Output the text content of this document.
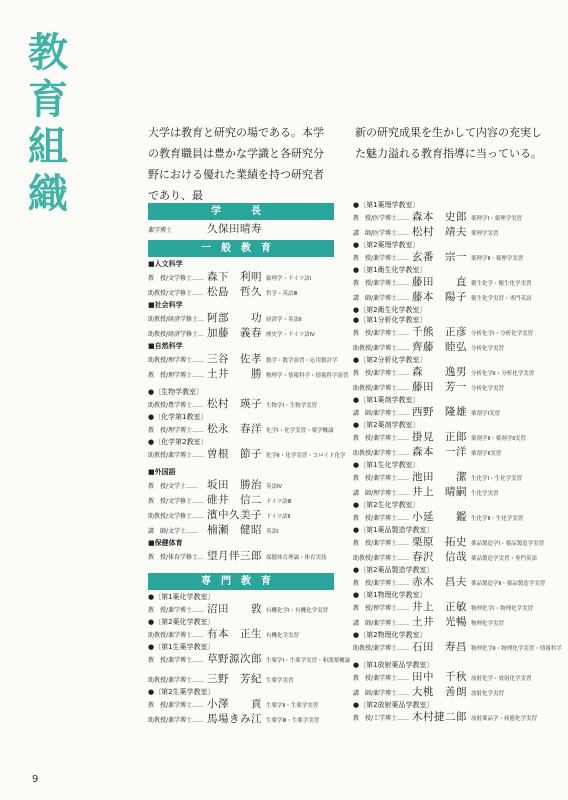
教
育
組
織
大学は教育と研究の場である。本学の教育職員は豊かな学識と各研究分野における優れた業績を持つ研究者であり、最
新の研究成果を生かして内容の充実した魅力溢れる教育指導に当っている。
学　長
薬学博士	久保田晴寿
一般教育
■人文科学
教　授/文学修士…… 森下　利明 倫理学・ドイツ語Ⅰ
助教授/文学修士…… 松島　哲久 哲学・英語Ⅲ
■社会科学
助教授/経済学修士… 阿部　　功 経済学・英語Ⅱ
助教授/経済学修士… 加藤　義春 歴史学・ドイツ語Ⅳ
■自然科学
助教授/理学博士…… 三谷　佐孝 数学・数学演習・応用数計学
教　授/理学博士…… 土井　　勝 物理学・情報科学・情報科学演習
●〔生物学教室〕
助教授/農学博士…… 松村　瑛子 生物学Ⅰ・生物学実習
●〔化学第1教室〕
教　授/理学博士…… 松永　春洋 化学Ⅰ・化学実習・薬学概論
●〔化学第2教室〕
助教授/薬学博士…… 曽根　節子 化学Ⅱ・化学実習・コロイド化学
■外国語
教　授/文学士…… 坂田　勝治 英語Ⅳ
教　授/文学修士…… 碓井　信二 ドイツ語Ⅲ
助教授/文学修士…… 濱中久美子 ドイツ語Ⅱ
講　師/文学士…… 楠瀬　健昭 英語Ⅰ
■保健体育
教　授/体育学修士… 望月伴三郎 保健体育理論・体育実技
専門教育
●〔第1薬化学教室〕
教　授/薬学博士…… 沼田　　敦 有機化学Ⅰ・有機化学実習
●〔第2薬化学教室〕
助教授/薬学博士…… 有本　正生 有機化学実習
●〔第1生薬学教室〕
教　授/薬学博士…… 草野源次郎 生薬学Ⅰ・生薬学実習・和漢薬概論
助教授/薬学博士…… 三野　芳紀 生薬学実習
●〔第2生薬学教室〕
教　授/薬学博士…… 小澤　　貢 生薬学Ⅱ・生薬学実習
助教授/薬学博士…… 馬場きみ江 生薬学Ⅲ・生薬学実習
●〔第1薬理学教室〕
教　授/医学博士…… 森本　史郎 薬理学Ⅰ・薬理学実習
講　師/医学博士…… 松村　靖夫 薬理学実習
●〔第2薬理学教室〕
教　授/薬学博士…… 玄番　宗一 薬理学Ⅱ・薬理学実習
●〔第1衛生化学教室〕
教　授/薬学博士…… 藤田　　直 衛生化学・衛生化学実習
講　師/薬学博士…… 藤本　陽子 衛生化学実習・専門英語
●〔第2衛生化学教室〕
●〔第1分析化学教室〕
教　授/薬学博士…… 千熊　正彦 分析化学Ⅰ・分析化学実習
助教授/薬学博士…… 齊藤　睦弘 分析化学実習
●〔第2分析化学教室〕
教　授/薬学博士…… 森　　逸男 分析化学Ⅱ・分析化学実習
助教授/薬学博士…… 藤田　芳一 分析化学実習
●〔第1薬剤学教室〕
講　師/薬学博士…… 西野　隆雄 薬剤学Ⅰ実習
●〔第2薬剤学教室〕
教　授/薬学博士…… 掛見　正郎 薬剤学Ⅱ・薬剤学Ⅱ実習
助教授/薬学博士…… 森本　一洋 薬剤学Ⅱ実習
●〔第1生化学教室〕
教　授/薬学博士…… 池田　　潔 生化学Ⅰ・生化学実習
講　師/理学博士…… 井上　晴嗣 生化学実習
●〔第2生化学教室〕
教　授/薬学博士…… 小延　　鑑 生化学Ⅱ・生化学実習
●〔第1薬品製造学教室〕
教　授/薬学博士…… 栗原　拓史 薬品製造学Ⅰ・薬品製造学実習
助教授/薬学博士…… 春沢　信哉 薬品製造学実習・専門英語
●〔第2薬品製造学教室〕
教　授/薬学博士…… 赤木　昌夫 薬品製造学Ⅱ・薬品製造学実習
●〔第1物理化学教室〕
教　授/理学博士…… 井上　正敏 物理化学Ⅰ・物理化学実習
講　師/薬学博士…… 土井　光暢 物理化学実習
●〔第2物理化学教室〕
助教授/薬学博士…… 石田　寿昌 物理化学Ⅱ・物理化学実習・情報科学
●〔第1放射薬品学教室〕
教　授/薬学博士…… 田中　千秋 放射化学・放射化学実習
講　師/薬学博士…… 大桃　善朗 放射化学実習
●〔第2放射薬品学教室〕
教　授/工学博士…… 木村捷二郎 放射薬品学・病態化学実習
9
